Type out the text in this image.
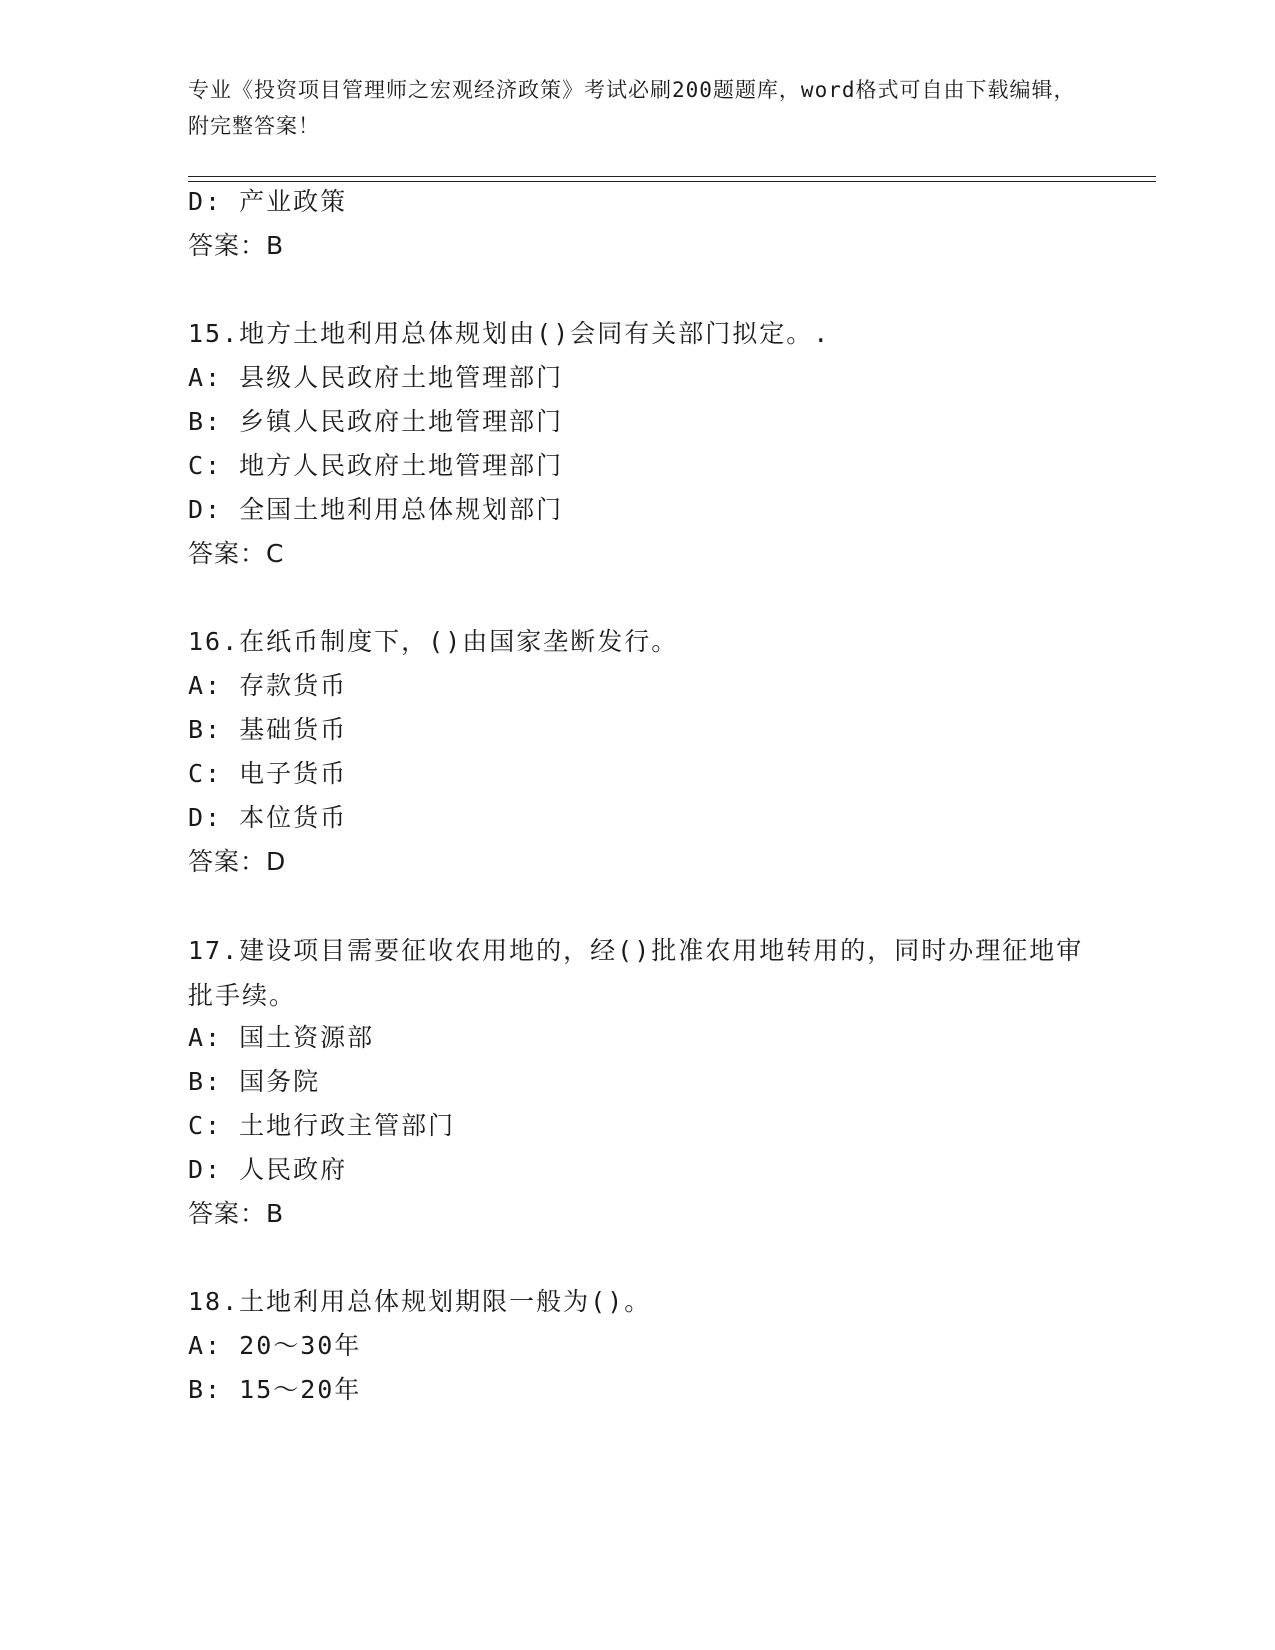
专业《投资项目管理师之宏观经济政策》考试必刷200题题库，word格式可自由下载编辑，附完整答案！
D: 产业政策
答案：B
15.地方土地利用总体规划由()会同有关部门拟定。.
A: 县级人民政府土地管理部门
B: 乡镇人民政府土地管理部门
C: 地方人民政府土地管理部门
D: 全国土地利用总体规划部门
答案：C
16.在纸币制度下，()由国家垄断发行。
A: 存款货币
B: 基础货币
C: 电子货币
D: 本位货币
答案：D
17.建设项目需要征收农用地的，经()批准农用地转用的，同时办理征地审批手续。
A: 国土资源部
B: 国务院
C: 土地行政主管部门
D: 人民政府
答案：B
18.土地利用总体规划期限一般为()。
A: 20～30年
B: 15～20年
